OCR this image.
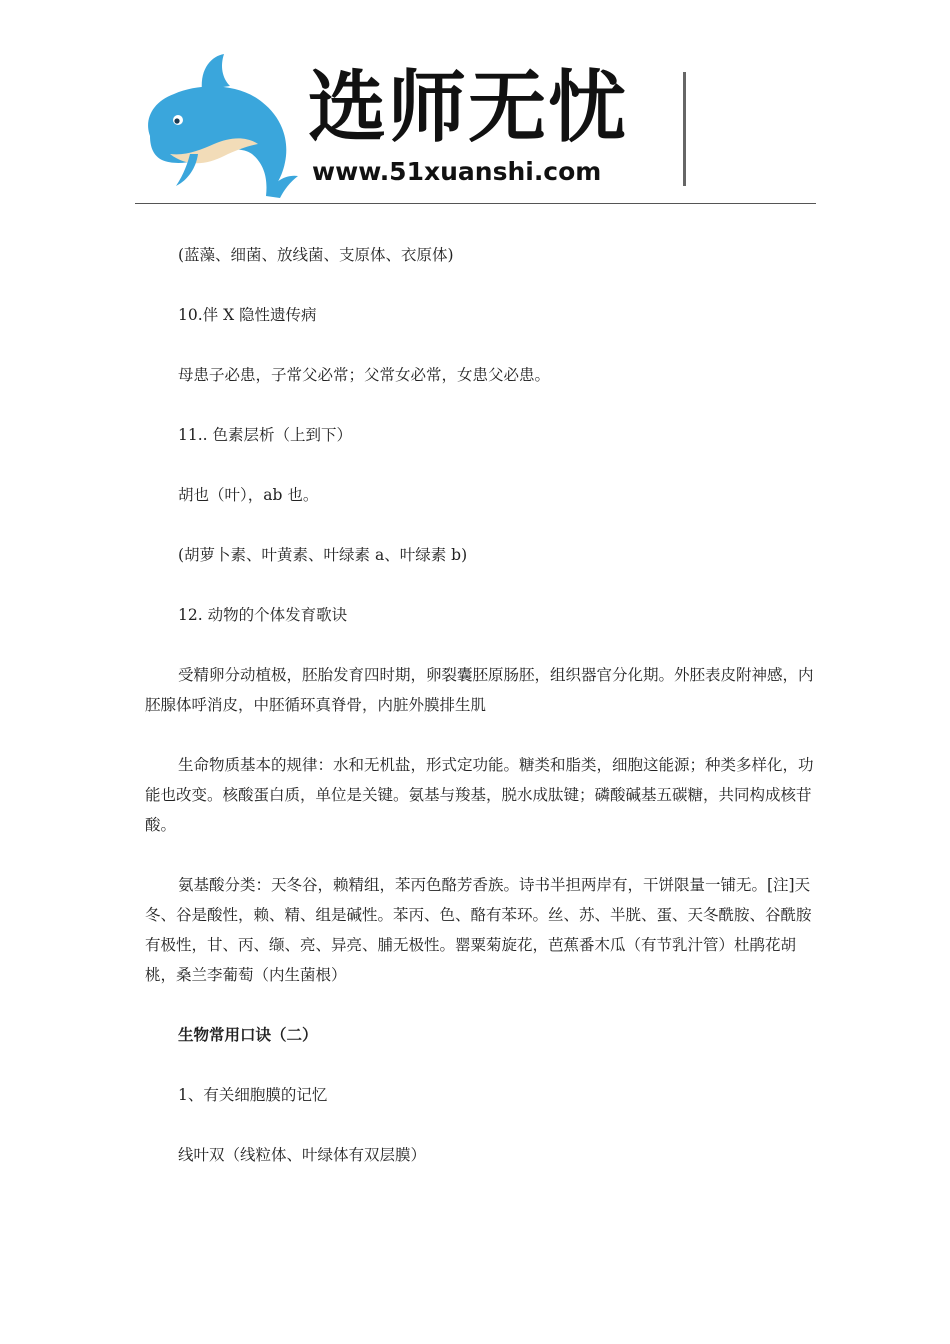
选师无忧
www.51xuanshi.com

(蓝藻、细菌、放线菌、支原体、衣原体)

10.伴 X 隐性遗传病

母患子必患，子常父必常；父常女必常，女患父必患。

11.. 色素层析（上到下）

胡也（叶），ab 也。

(胡萝卜素、叶黄素、叶绿素 a、叶绿素 b)

12. 动物的个体发育歌诀

受精卵分动植极，胚胎发育四时期，卵裂囊胚原肠胚，组织器官分化期。外胚表皮附神感，内胚腺体呼消皮，中胚循环真脊骨，内脏外膜排生肌

生命物质基本的规律：水和无机盐，形式定功能。糖类和脂类，细胞这能源；种类多样化，功能也改变。核酸蛋白质，单位是关键。氨基与羧基，脱水成肽键；磷酸碱基五碳糖，共同构成核苷酸。

氨基酸分类：天冬谷，赖精组，苯丙色酪芳香族。诗书半担两岸有，干饼限量一铺无。[注]天冬、谷是酸性，赖、精、组是碱性。苯丙、色、酪有苯环。丝、苏、半胱、蛋、天冬酰胺、谷酰胺有极性，甘、丙、缬、亮、异亮、脯无极性。罂粟菊旋花，芭蕉番木瓜（有节乳汁管）杜鹃花胡桃，桑兰李葡萄（内生菌根）

生物常用口诀（二）

1、有关细胞膜的记忆

线叶双（线粒体、叶绿体有双层膜）
